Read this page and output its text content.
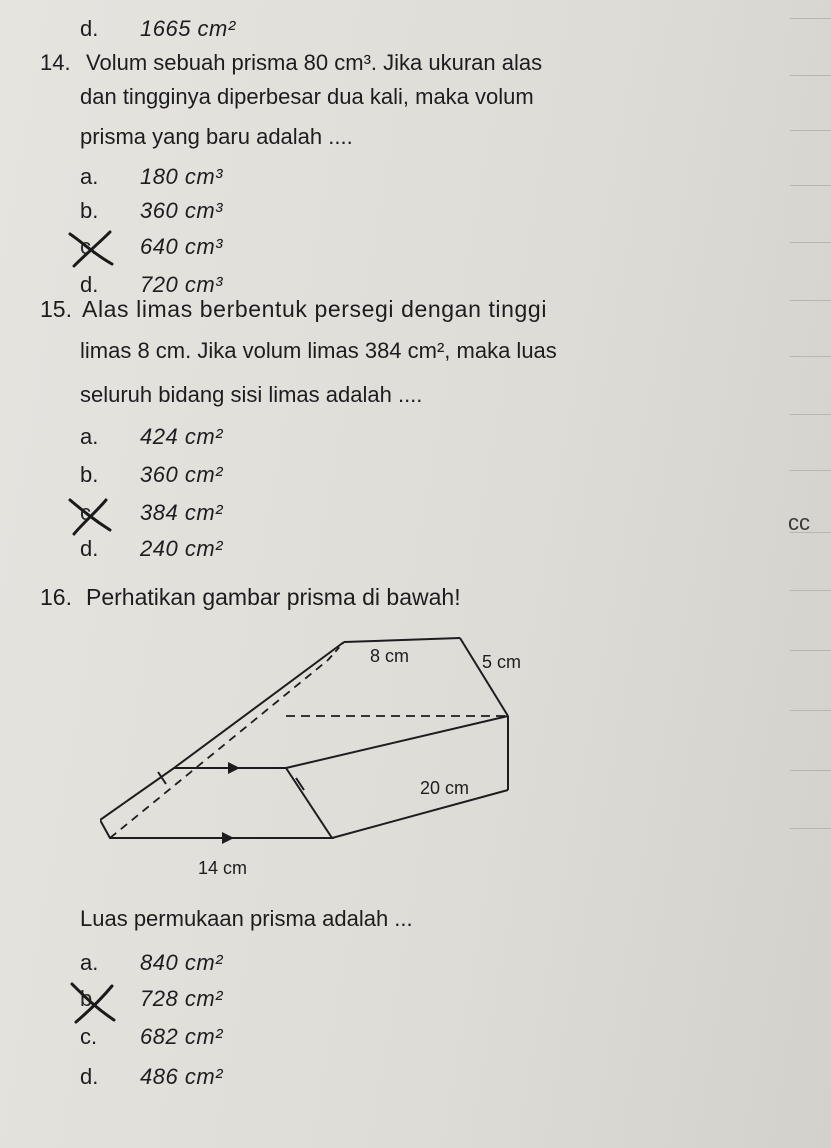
d. 1665 cm²
14. Volum sebuah prisma 80 cm³. Jika ukuran alas
dan tingginya diperbesar dua kali, maka volum
prisma yang baru adalah ....
a. 180 cm³
b. 360 cm³
c. 640 cm³
d. 720 cm³
15. Alas limas berbentuk persegi dengan tinggi
limas 8 cm. Jika volum limas 384 cm², maka luas
seluruh bidang sisi limas adalah ....
a. 424 cm²
b. 360 cm²
c. 384 cm²
d. 240 cm²
cc
16. Perhatikan gambar prisma di bawah!
8 cm	5 cm
20 cm
14 cm
Luas permukaan prisma adalah ...
a. 840 cm²
b. 728 cm²
c. 682 cm²
d. 486 cm²
